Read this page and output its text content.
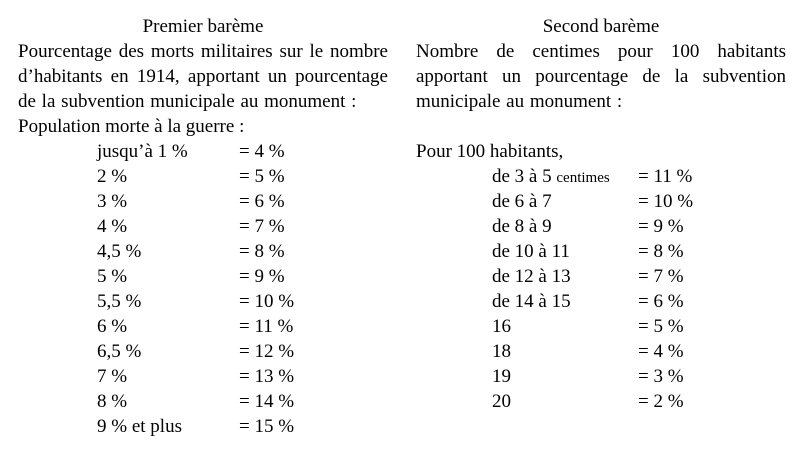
Premier barème
Pourcentage des morts militaires sur le nombre d’habitants en 1914, apportant un pourcentage de la subvention municipale au monument :
Population morte à la guerre :
jusqu’à 1 %	= 4 %
2 %	= 5 %
3 %	= 6 %
4 %	= 7 %
4,5 %	= 8 %
5 %	= 9 %
5,5 %	= 10 %
6 %	= 11 %
6,5 %	= 12 %
7 %	= 13 %
8 %	= 14 %
9 % et plus	= 15 %
Second barème
Nombre de centimes pour 100 habitants apportant un pourcentage de la subvention municipale au monument :
Pour 100 habitants,
de 3 à 5 centimes = 11 %
de 6 à 7	= 10 %
de 8 à 9	= 9 %
de 10 à 11	= 8 %
de 12 à 13	= 7 %
de 14 à 15	= 6 %
16	= 5 %
18	= 4 %
19	= 3 %
20	= 2 %
